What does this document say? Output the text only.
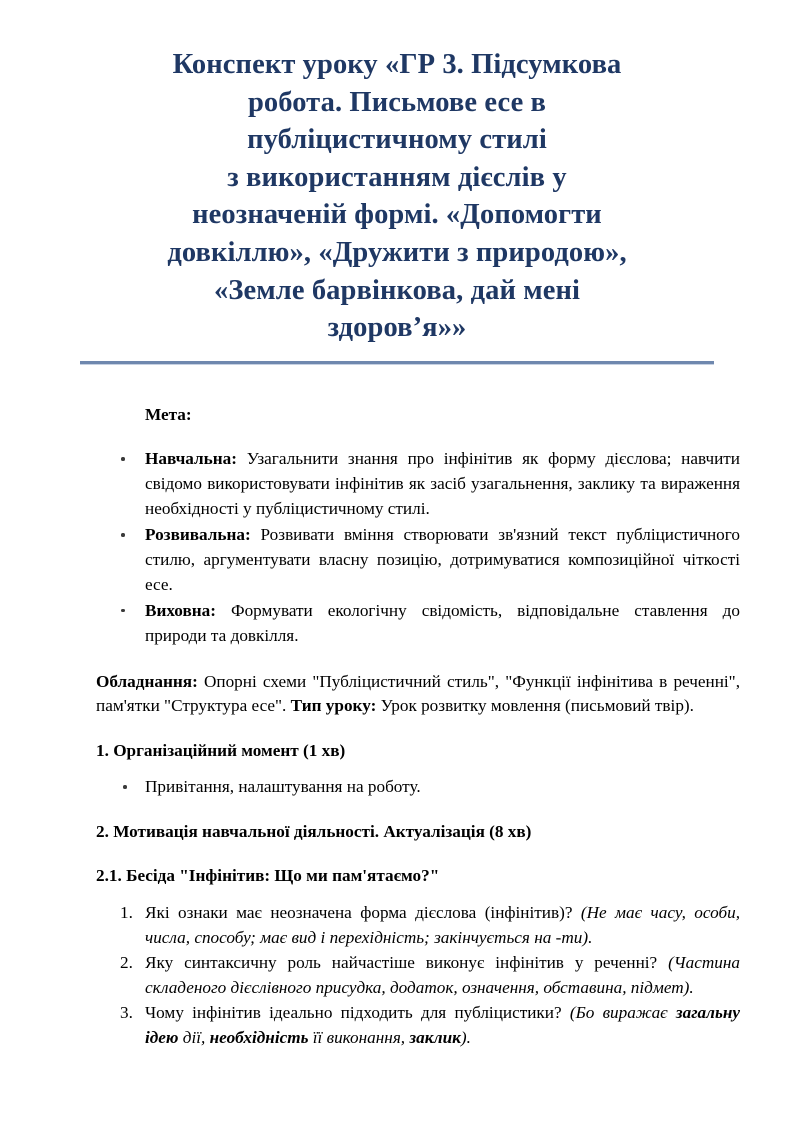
Конспект уроку «ГР 3. Підсумкова
робота. Письмове есе в
публіцистичному стилі
з використанням дієслів у
неозначеній формі. «Допомогти
довкіллю», «Дружити з природою»,
«Земле барвінкова, дай мені
здоров’я»»

Мета:

Навчальна: Узагальнити знання про інфінітив як форму дієслова; навчити свідомо використовувати інфінітив як засіб узагальнення, заклику та вираження необхідності у публіцистичному стилі.
Розвивальна: Розвивати вміння створювати зв'язний текст публіцистичного стилю, аргументувати власну позицію, дотримуватися композиційної чіткості есе.
Виховна: Формувати екологічну свідомість, відповідальне ставлення до природи та довкілля.

Обладнання: Опорні схеми "Публіцистичний стиль", "Функції інфінітива в реченні", пам'ятки "Структура есе". Тип уроку: Урок розвитку мовлення (письмовий твір).

1. Організаційний момент (1 хв)

Привітання, налаштування на роботу.

2. Мотивація навчальної діяльності. Актуалізація (8 хв)

2.1. Бесіда "Інфінітив: Що ми пам'ятаємо?"

Які ознаки має неозначена форма дієслова (інфінітив)? (Не має часу, особи, числа, способу; має вид і перехідність; закінчується на -ти).
Яку синтаксичну роль найчастіше виконує інфінітив у реченні? (Частина складеного дієслівного присудка, додаток, означення, обставина, підмет).
Чому інфінітив ідеально підходить для публіцистики? (Бо виражає загальну ідею дії, необхідність її виконання, заклик).
